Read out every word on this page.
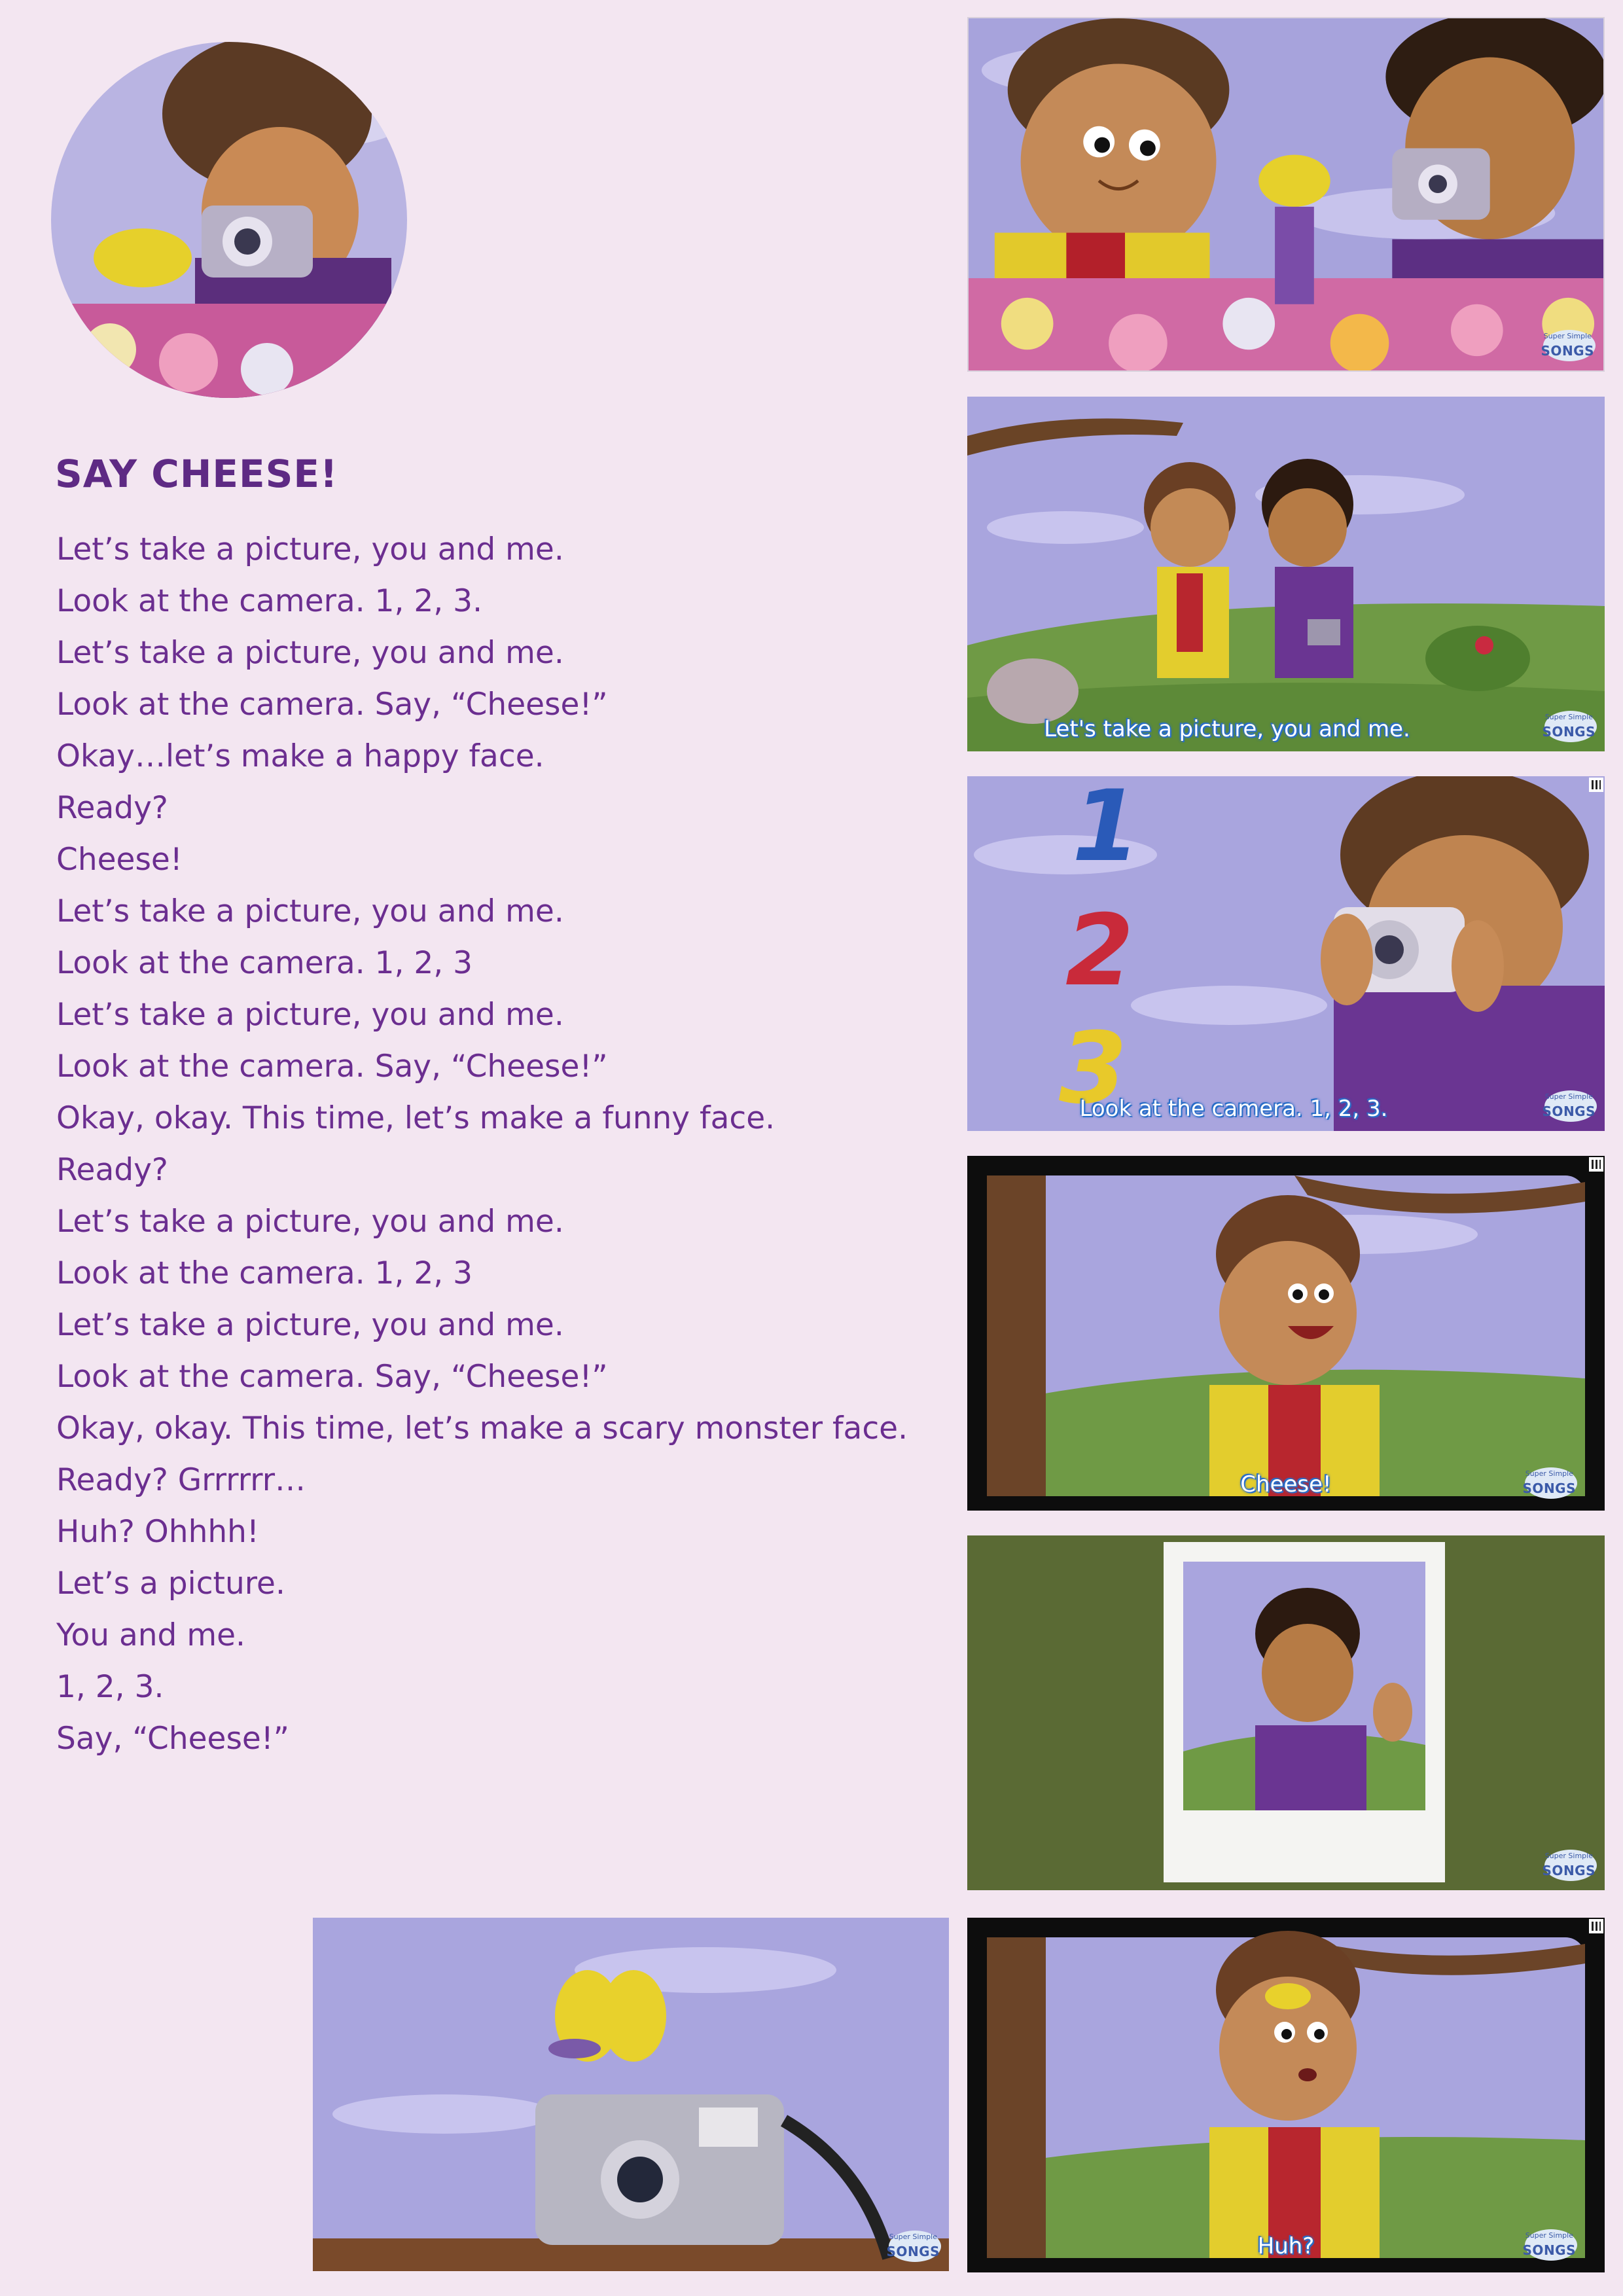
SAY CHEESE!
Let’s take a picture, you and me.
Look at the camera. 1, 2, 3.
Let’s take a picture, you and me.
Look at the camera. Say, “Cheese!”
Okay…let’s make a happy face.
Ready?
Cheese!
Let’s take a picture, you and me.
Look at the camera. 1, 2, 3
Let’s take a picture, you and me.
Look at the camera. Say, “Cheese!”
Okay, okay. This time, let’s make a funny face.
Ready?
Let’s take a picture, you and me.
Look at the camera. 1, 2, 3
Let’s take a picture, you and me.
Look at the camera. Say, “Cheese!”
Okay, okay. This time, let’s make a scary monster face.
Ready? Grrrrrr…
Huh? Ohhhh!
Let’s a picture.
You and me.
1, 2, 3.
Say, “Cheese!”
Super Simple
SONGS
Let's take a picture, you and me.	Super Simple
SONGS
1
2
3
Look at the camera. 1, 2, 3.	Super Simple
SONGS
Cheese!	Super Simple
SONGS
Super Simple
SONGS
Super Simple
SONGS	Huh?	Super Simple
SONGS
